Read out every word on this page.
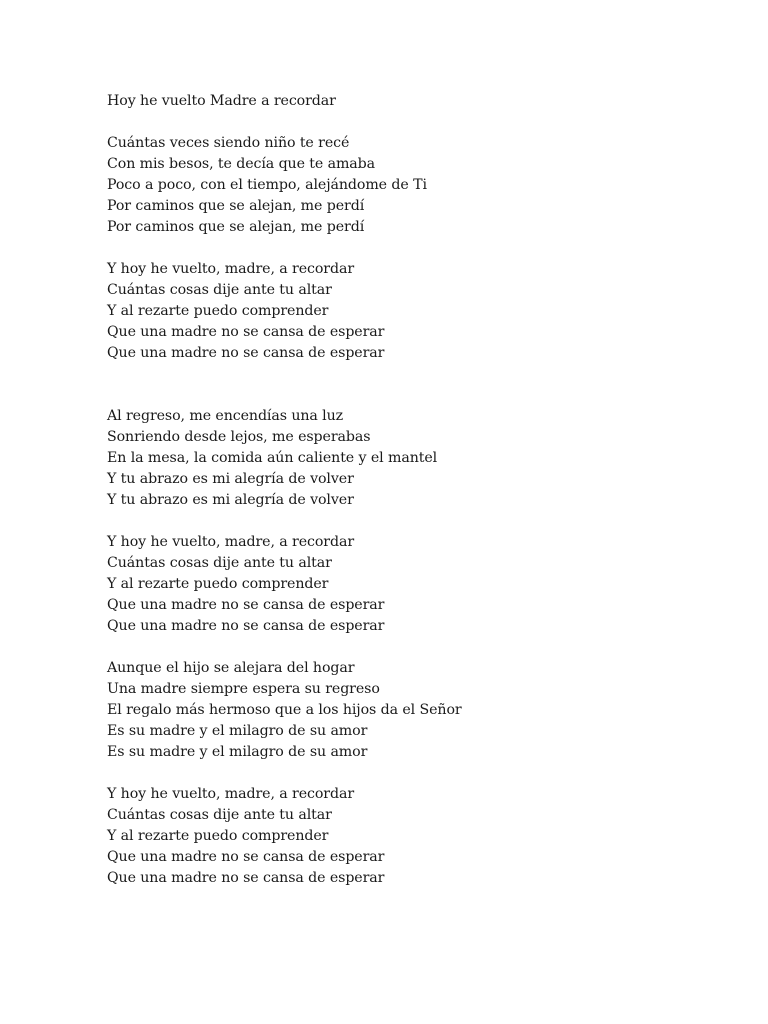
Hoy he vuelto Madre a recordar
Cuántas veces siendo niño te recé
Con mis besos, te decía que te amaba
Poco a poco, con el tiempo, alejándome de Ti
Por caminos que se alejan, me perdí
Por caminos que se alejan, me perdí
Y hoy he vuelto, madre, a recordar
Cuántas cosas dije ante tu altar
Y al rezarte puedo comprender
Que una madre no se cansa de esperar
Que una madre no se cansa de esperar
Al regreso, me encendías una luz
Sonriendo desde lejos, me esperabas
En la mesa, la comida aún caliente y el mantel
Y tu abrazo es mi alegría de volver
Y tu abrazo es mi alegría de volver
Y hoy he vuelto, madre, a recordar
Cuántas cosas dije ante tu altar
Y al rezarte puedo comprender
Que una madre no se cansa de esperar
Que una madre no se cansa de esperar
Aunque el hijo se alejara del hogar
Una madre siempre espera su regreso
El regalo más hermoso que a los hijos da el Señor
Es su madre y el milagro de su amor
Es su madre y el milagro de su amor
Y hoy he vuelto, madre, a recordar
Cuántas cosas dije ante tu altar
Y al rezarte puedo comprender
Que una madre no se cansa de esperar
Que una madre no se cansa de esperar
